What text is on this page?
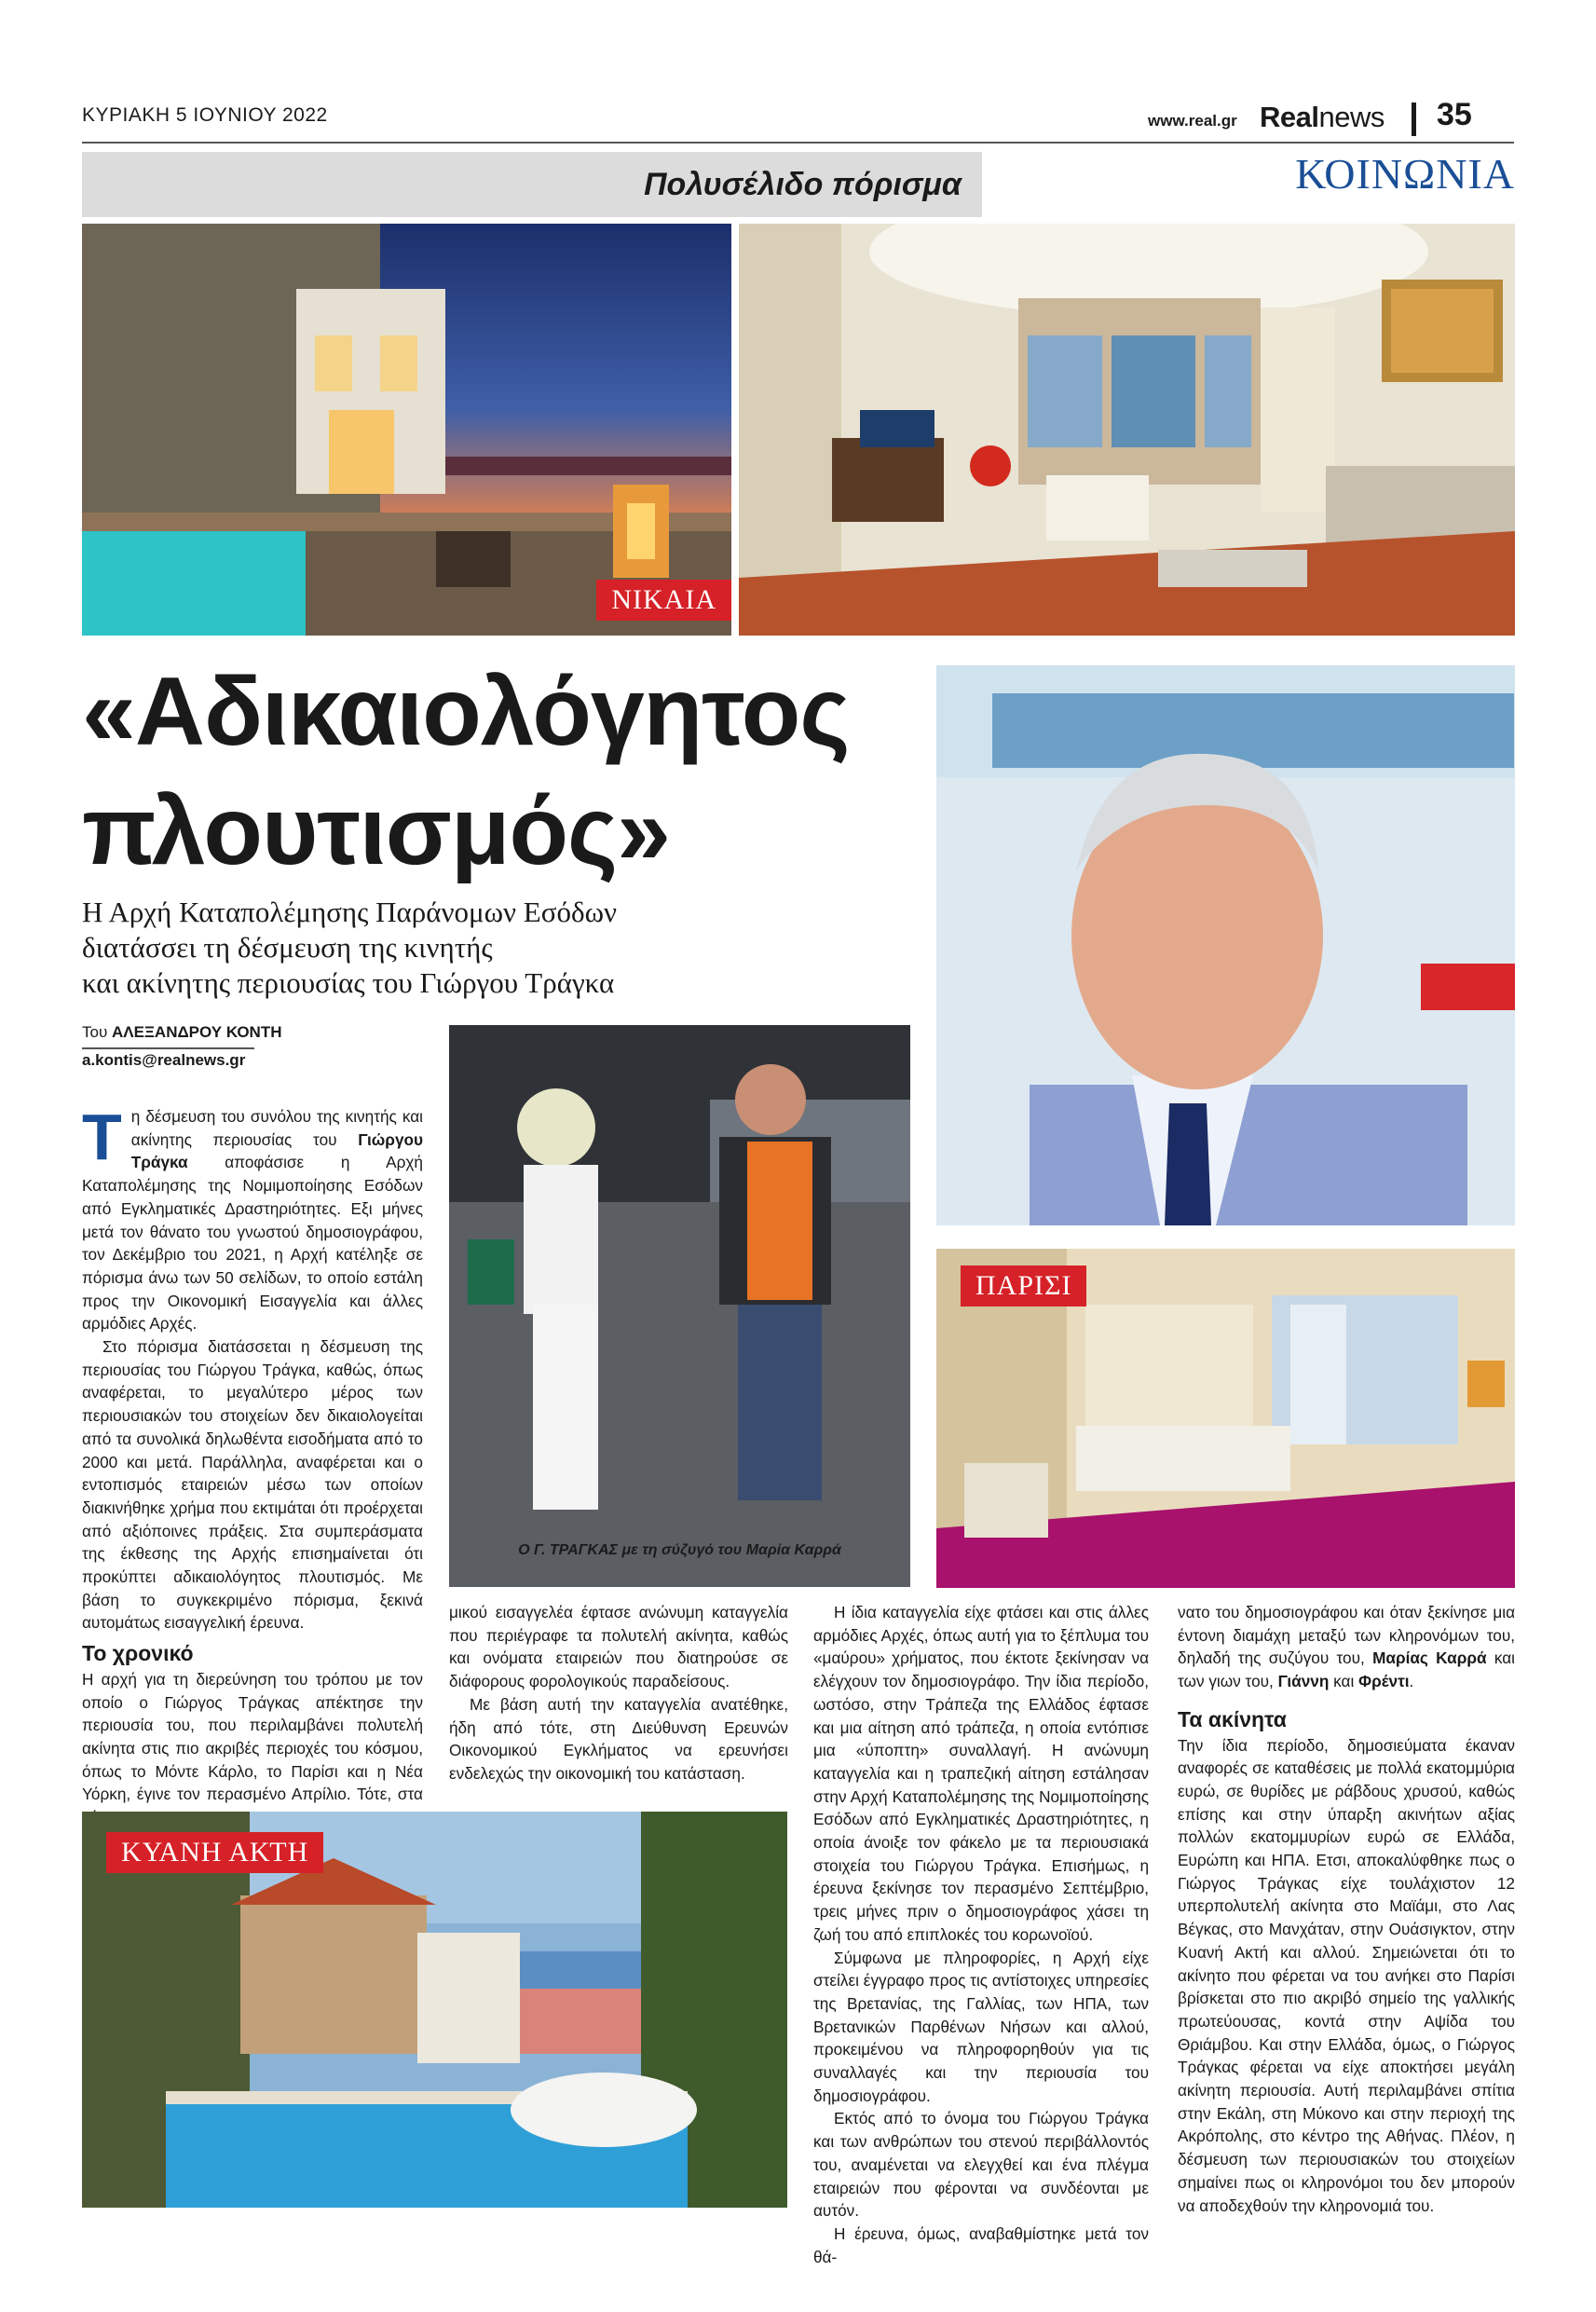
ΚΥΡΙΑΚΗ 5 ΙΟΥΝΙΟΥ 2022	www.real.gr Realnews 35
Πολυσέλιδο πόρισμα	ΚΟΙΝΩΝΙΑ
ΝΙΚΑΙΑ
«Αδικαιολόγητος
πλουτισμός»
Η Αρχή Καταπολέμησης Παράνομων Εσόδων
διατάσσει τη δέσμευση της κινητής
και ακίνητης περιουσίας του Γιώργου Τράγκα
Του ΑΛΕΞΑΝΔΡΟΥ ΚΟΝΤΗ
a.kontis@realnews.gr
Ο Γ. ΤΡΑΓΚΑΣ με τη σύζυγό του Μαρία Καρρά
ΠΑΡΙΣΙ

Τη δέσμευση του συνόλου της κινητής και ακίνητης περιουσίας του Γιώργου Τράγκα αποφάσισε η Αρχή Καταπολέμησης της Νομιμοποίησης Εσόδων από Εγκληματικές Δραστηριότητες. Εξι μήνες μετά τον θάνατο του γνωστού δημοσιογράφου, τον Δεκέμβριο του 2021, η Αρχή κατέληξε σε πόρισμα άνω των 50 σελίδων, το οποίο εστάλη προς την Οικονομική Εισαγγελία και άλλες αρμόδιες Αρχές.

Στο πόρισμα διατάσσεται η δέσμευση της περιουσίας του Γιώργου Τράγκα, καθώς, όπως αναφέρεται, το μεγαλύτερο μέρος των περιουσιακών του στοιχείων δεν δικαιολογείται από τα συνολικά δηλωθέντα εισοδήματα από το 2000 και μετά. Παράλληλα, αναφέρεται και ο εντοπισμός εταιρειών μέσω των οποίων διακινήθηκε χρήμα που εκτιμάται ότι προέρχεται από αξιόποινες πράξεις. Στα συμπεράσματα της έκθεσης της Αρχής επισημαίνεται ότι προκύπτει αδικαιολόγητος πλουτισμός. Με βάση το συγκεκριμένο πόρισμα, ξεκινά αυτομάτως εισαγγελική έρευνα.

Το χρονικό

Η αρχή για τη διερεύνηση του τρόπου με τον οποίο ο Γιώργος Τράγκας απέκτησε την περιουσία του, που περιλαμβάνει πολυτελή ακίνητα στις πιο ακριβές περιοχές του κόσμου, όπως το Μόντε Κάρλο, το Παρίσι και η Νέα Υόρκη, έγινε τον περασμένο Απρίλιο. Τότε, στα

μικού εισαγγελέα έφτασε ανώνυμη καταγγελία που περιέγραφε τα πολυτελή ακίνητα, καθώς και ονόματα εταιρειών που διατηρούσε σε διάφορους φορολογικούς παραδείσους.

Με βάση αυτή την καταγγελία ανατέθηκε, ήδη από τότε, στη Διεύθυνση Ερευνών Οικονομικού Εγκλήματος να ερευνήσει ενδελεχώς την οικονομική του κατάσταση.

Η ίδια καταγγελία είχε φτάσει και στις άλλες αρμόδιες Αρχές, όπως αυτή για το ξέπλυμα του «μαύρου» χρήματος, που έκτοτε ξεκίνησαν να ελέγχουν τον δημοσιογράφο. Την ίδια περίοδο, ωστόσο, στην Τράπεζα της Ελλάδος έφτασε και μια αίτηση από τράπεζα, η οποία εντόπισε μια «ύποπτη» συναλλαγή. Η ανώνυμη καταγγελία και η τραπεζική αίτηση εστάλησαν στην Αρχή Καταπολέμησης της Νομιμοποίησης Εσόδων από Εγκληματικές Δραστηριότητες, η οποία άνοιξε τον φάκελο με τα περιουσιακά στοιχεία του Γιώργου Τράγκα. Επισήμως, η έρευνα ξεκίνησε τον περασμένο Σεπτέμβριο, τρεις μήνες πριν ο δημοσιογράφος χάσει τη ζωή του από επιπλοκές του κορωνοϊού.

Σύμφωνα με πληροφορίες, η Αρχή είχε στείλει έγγραφο προς τις αντίστοιχες υπηρεσίες της Βρετανίας, της Γαλλίας, των ΗΠΑ, των Βρετανικών Παρθένων Νήσων και αλλού, προκειμένου να πληροφορηθούν για τις συναλλαγές και την περιουσία του δημοσιογράφου.

Εκτός από το όνομα του Γιώργου Τράγκα και των ανθρώπων του στενού περιβάλλοντός του, αναμένεται να ελεγχθεί και ένα πλέγμα εταιρειών που φέρονται να συνδέονται με αυτόν.

Η έρευνα, όμως, αναβαθμίστηκε μετά τον θά-

νατο του δημοσιογράφου και όταν ξεκίνησε μια έντονη διαμάχη μεταξύ των κληρονόμων του, δηλαδή της συζύγου του, Μαρίας Καρρά και των γιων του, Γιάννη και Φρέντι.

Τα ακίνητα

Την ίδια περίοδο, δημοσιεύματα έκαναν αναφορές σε καταθέσεις με πολλά εκατομμύρια ευρώ, σε θυρίδες με ράβδους χρυσού, καθώς επίσης και στην ύπαρξη ακινήτων αξίας πολλών εκατομμυρίων ευρώ σε Ελλάδα, Ευρώπη και ΗΠΑ. Ετσι, αποκαλύφθηκε πως ο Γιώργος Τράγκας είχε τουλάχιστον 12 υπερπολυτελή ακίνητα στο Μαϊάμι, στο Λας Βέγκας, στο Μανχάταν, στην Ουάσιγκτον, στην Κυανή Ακτή και αλλού. Σημειώνεται ότι το ακίνητο που φέρεται να του ανήκει στο Παρίσι βρίσκεται στο πιο ακριβό σημείο της γαλλικής πρωτεύουσας, κοντά στην Αψίδα του Θριάμβου. Και στην Ελλάδα, όμως, ο Γιώργος Τράγκας φέρεται να είχε αποκτήσει μεγάλη ακίνητη περιουσία. Αυτή περιλαμβάνει σπίτια στην Εκάλη, στη Μύκονο και στην περιοχή της Ακρόπολης, στο κέντρο της Αθήνας. Πλέον, η δέσμευση των περιουσιακών του στοιχείων σημαίνει πως οι κληρονόμοι του δεν μπορούν να αποδεχθούν την κληρονομιά του.

ΚΥΑΝΗ ΑΚΤΗ
